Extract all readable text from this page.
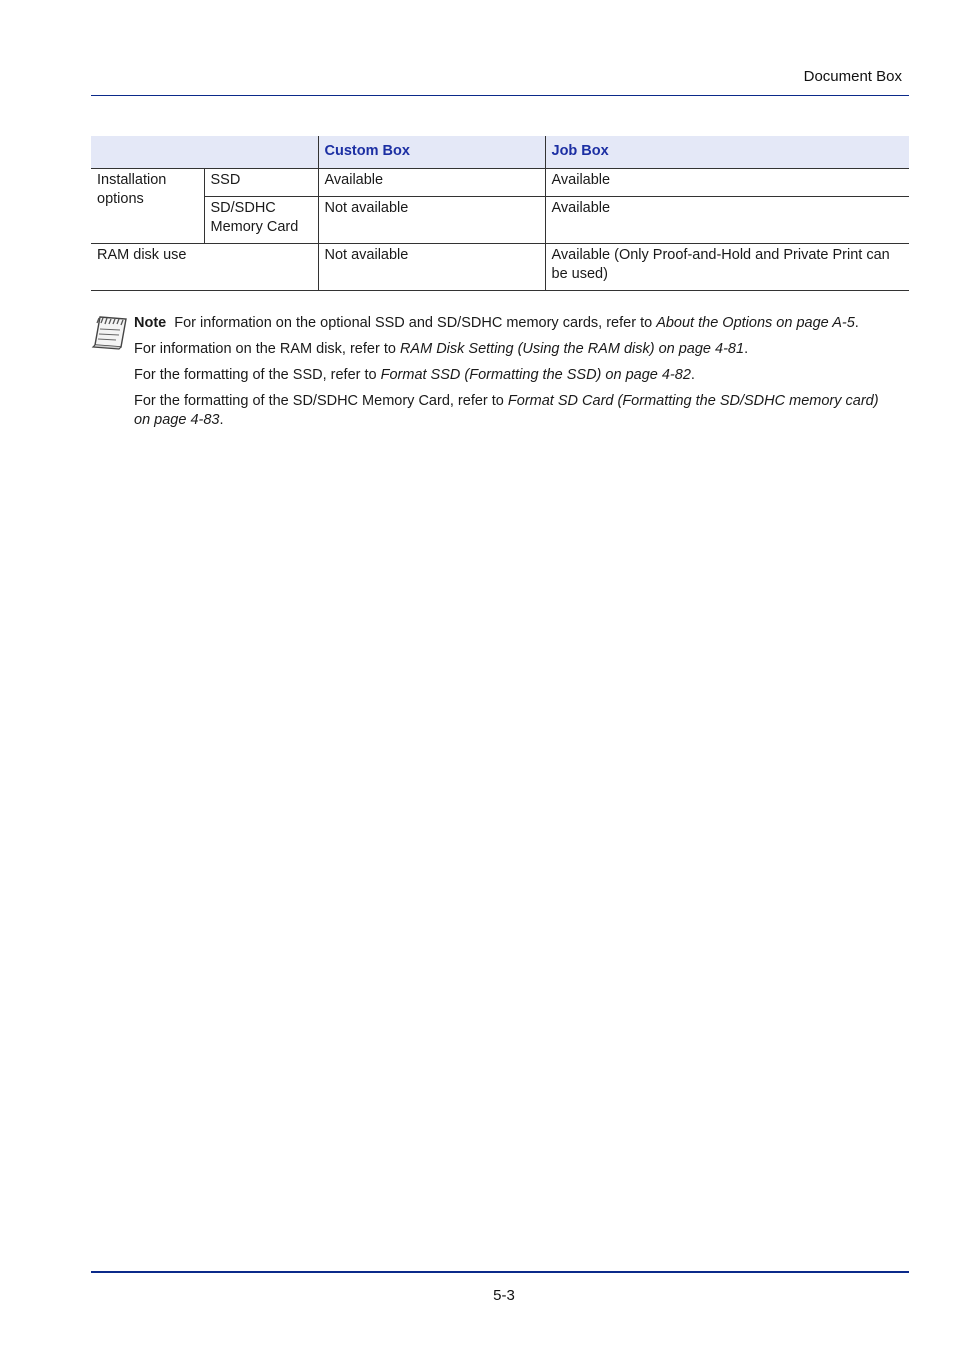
Document Box
		Custom Box	Job Box
Installation options	SSD	Available	Available
	SD/SDHC Memory Card	Not available	Available
RAM disk use		Not available	Available (Only Proof-and-Hold and Private Print can be used)

Note For information on the optional SSD and SD/SDHC memory cards, refer to About the Options on page A-5.

For information on the RAM disk, refer to RAM Disk Setting (Using the RAM disk) on page 4-81.

For the formatting of the SSD, refer to Format SSD (Formatting the SSD) on page 4-82.

For the formatting of the SD/SDHC Memory Card, refer to Format SD Card (Formatting the SD/SDHC memory card) on page 4-83.

5-3
